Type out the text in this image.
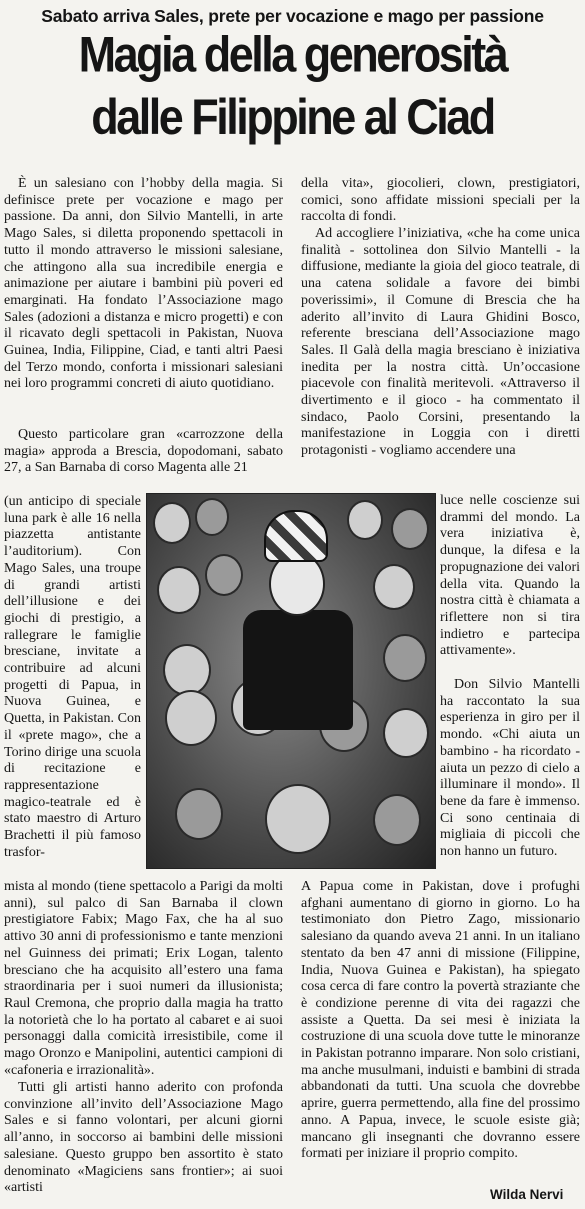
Sabato arriva Sales, prete per vocazione e mago per passione
Magia della generosità
dalle Filippine al Ciad

È un salesiano con l’hobby della magia. Si definisce prete per vocazione e mago per passione. Da anni, don Silvio Mantelli, in arte Mago Sales, si diletta proponendo spettacoli in tutto il mondo attraverso le missioni salesiane, che attingono alla sua incredibile energia e animazione per aiutare i bambini più poveri ed emarginati. Ha fondato l’Associazione mago Sales (adozioni a distanza e micro progetti) e con il ricavato degli spettacoli in Pakistan, Nuova Guinea, India, Filippine, Ciad, e tanti altri Paesi del Terzo mondo, conforta i missionari salesiani nei loro programmi concreti di aiuto quotidiano.

Questo particolare gran «carrozzone della magia» approda a Brescia, dopodomani, sabato 27, a San Barnaba di corso Magenta alle 21

(un anticipo di speciale luna park è alle 16 nella piazzetta antistante l’auditorium). Con Mago Sales, una troupe di grandi artisti dell’illusione e dei giochi di prestigio, a rallegrare le famiglie bresciane, invitate a contribuire ad alcuni progetti di Papua, in Nuova Guinea, e Quetta, in Pakistan. Con il «prete mago», che a Torino dirige una scuola di recitazione e rappresentazione magico-teatrale ed è stato maestro di Arturo Brachetti il più famoso trasfor-

mista al mondo (tiene spettacolo a Parigi da molti anni), sul palco di San Barnaba il clown prestigiatore Fabix; Mago Fax, che ha al suo attivo 30 anni di professionismo e tante menzioni nel Guinness dei primati; Erix Logan, talento bresciano che ha acquisito all’estero una fama straordinaria per i suoi numeri da illusionista; Raul Cremona, che proprio dalla magia ha tratto la notorietà che lo ha portato al cabaret e ai suoi personaggi dalla comicità irresistibile, come il mago Oronzo e Manipolini, autentici campioni di «cafoneria e irrazionalità».

Tutti gli artisti hanno aderito con profonda convinzione all’invito dell’Associazione Mago Sales e si fanno volontari, per alcuni giorni all’anno, in soccorso ai bambini delle missioni salesiane. Questo gruppo ben assortito è stato denominato «Magiciens sans frontier»; ai suoi «artisti

della vita», giocolieri, clown, prestigiatori, comici, sono affidate missioni speciali per la raccolta di fondi.

Ad accogliere l’iniziativa, «che ha come unica finalità - sottolinea don Silvio Mantelli - la diffusione, mediante la gioia del gioco teatrale, di una catena solidale a favore dei bimbi poverissimi», il Comune di Brescia che ha aderito all’invito di Laura Ghidini Bosco, referente bresciana dell’Associazione mago Sales. Il Galà della magia bresciano è iniziativa inedita per la nostra città. Un’occasione piacevole con finalità meritevoli. «Attraverso il divertimento e il gioco - ha commentato il sindaco, Paolo Corsini, presentando la manifestazione in Loggia con i diretti protagonisti - vogliamo accendere una

luce nelle coscienze sui drammi del mondo. La vera iniziativa è, dunque, la difesa e la propugnazione dei valori della vita. Quando la nostra città è chiamata a riflettere non si tira indietro e partecipa attivamente».

Don Silvio Mantelli ha raccontato la sua esperienza in giro per il mondo. «Chi aiuta un bambino - ha ricordato - aiuta un pezzo di cielo a illuminare il mondo». Il bene da fare è immenso. Ci sono centinaia di migliaia di piccoli che non hanno un futuro.

A Papua come in Pakistan, dove i profughi afghani aumentano di giorno in giorno. Lo ha testimoniato don Pietro Zago, missionario salesiano da quando aveva 21 anni. In un italiano stentato da ben 47 anni di missione (Filippine, India, Nuova Guinea e Pakistan), ha spiegato cosa cerca di fare contro la povertà straziante che è condizione perenne di vita dei ragazzi che assiste a Quetta. Da sei mesi è iniziata la costruzione di una scuola dove tutte le minoranze in Pakistan potranno imparare. Non solo cristiani, ma anche musulmani, induisti e bambini di strada abbandonati da tutti. Una scuola che dovrebbe aprire, guerra permettendo, alla fine del prossimo anno. A Papua, invece, le scuole esiste già; mancano gli insegnanti che dovranno essere formati per iniziare il proprio compito.

Wilda Nervi
